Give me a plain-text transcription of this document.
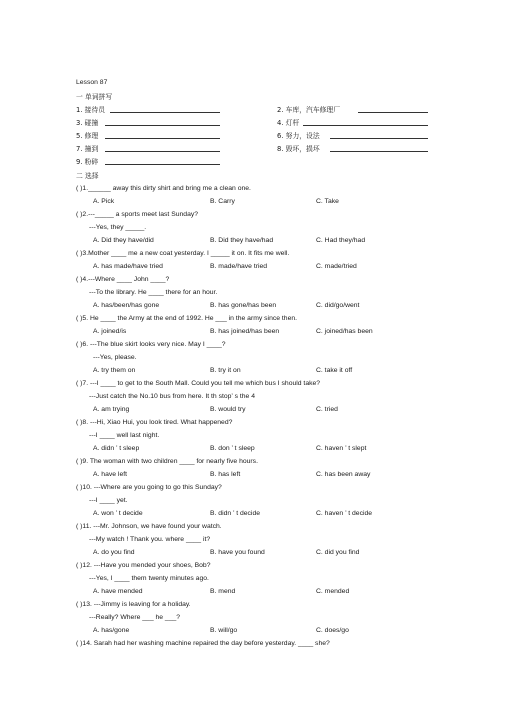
Lesson 87
一 单词拼写
1. 接待员	2. 车库，汽车修理厂
3. 碰撞	4. 灯杆
5. 修理	6. 努力，设法
7. 撞到	8. 毁坏，损坏
9. 粉碎
二 选择
( )1.______ away this dirty shirt and bring me a clean one.
A. Pick	B. Carry	C. Take
( )2.---_____ a sports meet last Sunday?
---Yes, they _____.
A. Did they have/did	B. Did they have/had	C. Had they/had
( )3.Mother ____ me a new coat yesterday. I _____ it on. It fits me well.
A. has made/have tried	B. made/have tried	C. made/tried
( )4.---Where ____ John ____?
---To the library. He ____ there for an hour.
A. has/been/has gone	B. has gone/has been	C. did/go/went
( )5. He ____ the Army at the end of 1992. He ___ in the army since then.
A. joined/is	B. has joined/has been	C. joined/has been
( )6. ---The blue skirt looks very nice. May I ____?
---Yes, please.
A. try them on	B. try it on	C. take it off
( )7. ---I ____ to get to the South Mall. Could you tell me which bus I should take?
---Just catch the No.10 bus from here. It th stop’ s the 4
A. am trying	B. would try	C. tried
( )8. ---Hi, Xiao Hui, you look tired. What happened?
---I ____ well last night.
A. didn ’ t sleep	B. don ’ t sleep	C. haven ’ t slept
( )9. The woman with two children ____ for nearly five hours.
A. have left	B. has left	C. has been away
( )10. ---Where are you going to go this Sunday?
---I ____ yet.
A. won ’ t decide	B. didn ’ t decide	C. haven ’ t decide
( )11. ---Mr. Johnson, we have found your watch.
---My watch ! Thank you. where ____ it?
A. do you find	B. have you found	C. did you find
( )12. ---Have you mended your shoes, Bob?
---Yes, I ____ them twenty minutes ago.
A. have mended	B. mend	C. mended
( )13. ---Jimmy is leaving for a holiday.
---Really? Where ___ he ___?
A. has/gone	B. will/go	C. does/go
( )14. Sarah had her washing machine repaired the day before yesterday. ____ she?
